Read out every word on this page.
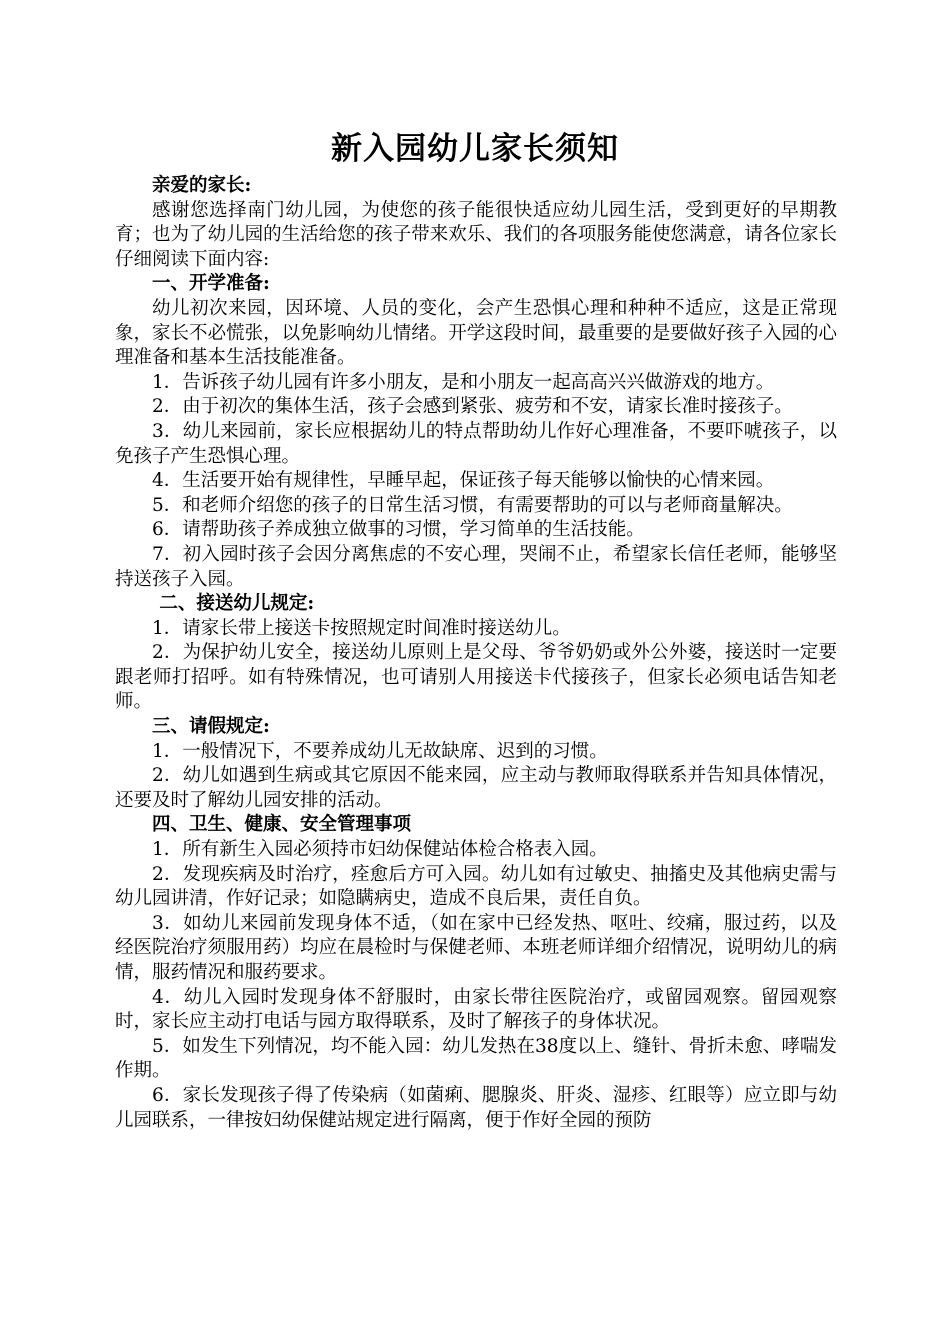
新入园幼儿家长须知

亲爱的家长:

感谢您选择南门幼儿园，为使您的孩子能很快适应幼儿园生活，受到更好的早期教育；也为了幼儿园的生活给您的孩子带来欢乐、我们的各项服务能使您满意，请各位家长仔细阅读下面内容:

一、开学准备:

幼儿初次来园，因环境、人员的变化，会产生恐惧心理和种种不适应，这是正常现象，家长不必慌张，以免影响幼儿情绪。开学这段时间，最重要的是要做好孩子入园的心理准备和基本生活技能准备。

1．告诉孩子幼儿园有许多小朋友，是和小朋友一起高高兴兴做游戏的地方。

2．由于初次的集体生活，孩子会感到紧张、疲劳和不安，请家长准时接孩子。

3．幼儿来园前，家长应根据幼儿的特点帮助幼儿作好心理准备，不要吓唬孩子，以免孩子产生恐惧心理。

4．生活要开始有规律性，早睡早起，保证孩子每天能够以愉快的心情来园。

5．和老师介绍您的孩子的日常生活习惯，有需要帮助的可以与老师商量解决。

6．请帮助孩子养成独立做事的习惯，学习简单的生活技能。

7．初入园时孩子会因分离焦虑的不安心理，哭闹不止，希望家长信任老师，能够坚持送孩子入园。

二、接送幼儿规定:

1．请家长带上接送卡按照规定时间准时接送幼儿。

2．为保护幼儿安全，接送幼儿原则上是父母、爷爷奶奶或外公外婆，接送时一定要跟老师打招呼。如有特殊情况，也可请别人用接送卡代接孩子，但家长必须电话告知老师。

三、请假规定:

1．一般情况下，不要养成幼儿无故缺席、迟到的习惯。

2．幼儿如遇到生病或其它原因不能来园，应主动与教师取得联系并告知具体情况，还要及时了解幼儿园安排的活动。

四、卫生、健康、安全管理事项

1．所有新生入园必须持市妇幼保健站体检合格表入园。

2．发现疾病及时治疗，痊愈后方可入园。幼儿如有过敏史、抽搐史及其他病史需与幼儿园讲清，作好记录；如隐瞒病史，造成不良后果，责任自负。

3．如幼儿来园前发现身体不适，（如在家中已经发热、呕吐、绞痛，服过药，以及经医院治疗须服用药）均应在晨检时与保健老师、本班老师详细介绍情况，说明幼儿的病情，服药情况和服药要求。

4．幼儿入园时发现身体不舒服时，由家长带往医院治疗，或留园观察。留园观察时，家长应主动打电话与园方取得联系，及时了解孩子的身体状况。

5．如发生下列情况，均不能入园：幼儿发热在38度以上、缝针、骨折未愈、哮喘发作期。

6．家长发现孩子得了传染病（如菌痢、腮腺炎、肝炎、湿疹、红眼等）应立即与幼儿园联系，一律按妇幼保健站规定进行隔离，便于作好全园的预防
